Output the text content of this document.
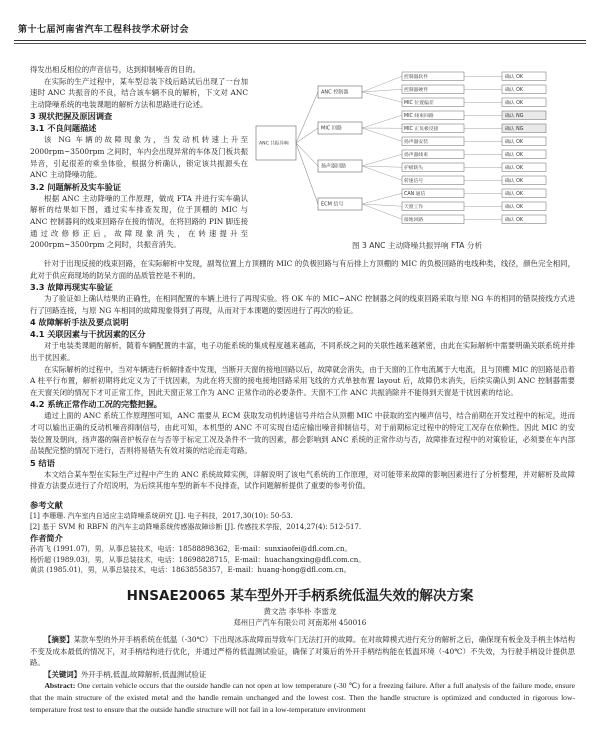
第十七届河南省汽车工程科技学术研讨会

得发出相反相位的声音信号，达到抑制噪音的目的。

在实际的生产过程中，某车型总装下线后路试后出现了一台加速时 ANC 共振音的不良，结合该车辆不良的解析，下文对 ANC 主动降噪系统的电装课题的解析方法和思路进行论述。

3 现状把握及原因调查
3.1 不良问题描述

该 NG 车辆的故障现象为，当发动机转速上升至2000rpm~3500rpm 之间时，车内会出现异常的车体及门板共振异音，引起很差的乘坐体验，根据分析确认，锁定该共振源头在 ANC 主动降噪功能。

3.2 问题解析及实车验证

根据 ANC 主动降噪的工作原理，做成 FTA 并进行实车确认解析的结果如下图，通过实车排查发现，位于顶棚的 MIC 与 ANC 控制器间的线束回路存在接的情况，在将回路的 PIN 脚连接通过改修修正后，故障现象消失，在转速提升至 2000rpm~3500rpm 之间时，共振音消失。

ANC 共振异响
ANC 控制器
MIC 回路
扬声器回路
ECM 信号
控制器软件	确认 OK
控制器硬件	确认 OK
MIC 位置偏差	确认 OK
MIC 线束回路	确认 NG
MIC 正负极反接	确认 NG
扬声器安装	确认 OK
扬声器线束	确认 OK
护板缺失	确认 OK
转速信号	确认 OK
CAN 通信	确认 OK
天窗工作	确认 OK
接地回路	确认 OK
图 3 ANC 主动降噪共振异响 FTA 分析

针对于出现反接的线束回路，在实际解析中发现，副驾位置上方顶棚的 MIC 的负极回路与有后排上方顶棚的 MIC 的负极回路的电线种类，线径，颜色完全相同，此对于供应商现场的防呆方面的品质管控是不利的。

3.3 故障再现实车验证

为了验证如上确认结果的正确性，在相同配置的车辆上进行了再现实验。将 OK 车的 MIC~ANC 控制器之间的线束回路采取与原 NG 车的相同的错误接线方式进行了回路连接，与原 NG 车相同的故障现象得到了再现，从而对于本课题的要因进行了再次的验证。

4 故障解析手法及要点说明
4.1 关联因素与干扰因素的区分

对于电装类课题的解析，随着车辆配置的丰富，电子功能系统的集成程度越来越高，不同系统之间的关联性越来越紧密，由此在实际解析中需要明确关联系统并排出干扰因素。

在实际解析的过程中，当对车辆进行析解排查中发现，当断开天窗的接地回路以后，故障就会消失，由于天窗的工作电流属于大电流，且与顶棚 MIC 的回路是沿着 A 柱平行布置，解析初期将此定义为了干扰因素，为此在将天窗的接电接地回路采用飞线的方式单独布置 layout 后，故障仍未消失，后续实确认到 ANC 控制器需要在天窗关闭的情况下才可正常工作，因此天窗正常工作为 ANC 正常作动的必要条件。天窗不工作 ANC 共振消除并不能得到天窗是干扰因素的结论。

4.2 系统正常作动工况的完整把握。

通过上面的 ANC 系统工作原理图可知，ANC 需要从 ECM 获取发动机转速信号并结合从顶棚 MIC 中获取的室内噪声信号，结合前期在开发过程中的标定，进而才可以输出正确的反动机噪音抑制信号，由此可知，本机型的 ANC 不可实现自适应输出噪音抑制信号，对于前期标定过程中的特定工况存在依赖性。因此 MIC 的安装位置及朝向，扬声器的隔音护板存在与否等于标定工况及条件不一致的因素，都会影响到 ANC 系统的正常作动与否，故障排查过程中的对策验证，必须要在车内部品装配完整的情况下进行，否则将易错失有效对策的结论而走弯路。

5 结语

本文结合某车型在实际生产过程中产生的 ANC 系统故障实例，详解说明了该电气系统的工作原理，对可能带来故障的影响因素进行了分析整理，并对解析及故障排查方法要点进行了介绍说明，为后续其他车型的新车不良排查，试作问题解析提供了重要的参考价值。

参考文献
[1] 李珊珊. 汽车室内自适应主动降噪系统研究 [J]. 电子科技，2017,30(10): 50-53.
[2] 基于 SVM 和 RBFN 的汽车主动降噪系统传感器故障诊断 [J]. 传感技术学报，2014,27(4): 512-517.
作者简介
孙宵飞 (1991.07)，男，从事总装技术，电话：18588898362，E-mail：sunxiaofei@dfl.com.cn。
杨忻超 (1989.03)，男，从事总装技术，电话：18698828715，E-mail：huachangxing@dfl.com.cn。
黄洪 (1985.01)，男，从事总装技术，电话：18638558357，E-mail：huang-hong@dfl.com.cn。
HNSAE20065 某车型外开手柄系统低温失效的解决方案
黄文浩 李华朴 李雷龙
郑州日产汽车有限公司 河南郑州 450016

【摘要】某款车型的外开手柄系统在低温（-30℃）下出现冰冻故障而导致车门无法打开的故障。在对故障模式进行充分的解析之后，确保现有板金及手柄主体结构不变及成本最低的情况下，对手柄结构进行优化，并通过严格的低温测试验证，确保了对策后的外开手柄结构能在低温环境（-40℃）不失效，为行驶手柄设计提供思路。

【关键词】外开手柄,低温,故障解析,低温测试验证

Abstract: One certain vehicle occurs that the outside handle can not open at low temperature (-30 ℃) for a freezing failure. After a full analysis of the failure mode, ensure that the main structure of the existed metal and the handle remain unchanged and the lowest cost. Then the handle structure is optimized and conducted in rigorous low-temperature frost test to ensure that the outside handle structure will not fail in a low-temperature environment
